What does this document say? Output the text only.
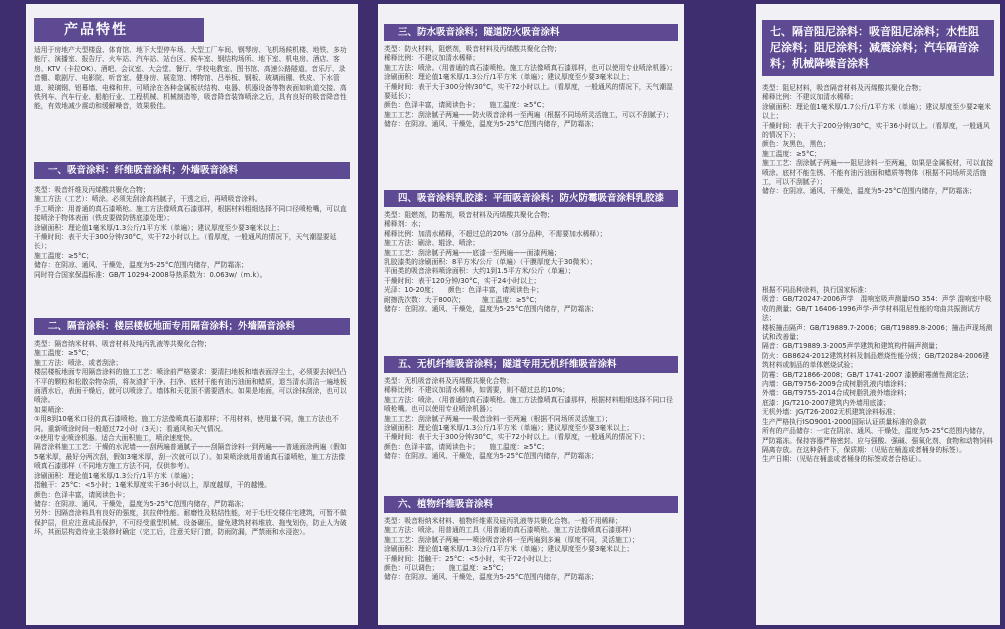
产品特性
适用于房地产大型楼盘、体育馆、地下大型停车场、大型工厂车间、钢琴房、飞机场候机楼、地铁、多功能厅、演播室、报告厅、火车站、汽车站、站台区、候车室、钢结构场所、地下室、机电房、酒店、客房、KTV（卡拉OK）、酒吧、会议室、大会堂、餐厅、学校电教室、图书馆、高速公路隧道、音乐厅、录音棚、歌剧厅、电影院、听音室、健身房、展览馆、博物馆、吕举板、钢板、玻璃雨棚、铁皮、下水管道、玻璃钢、铝幕墙、电梯和井、可喷涂在各种金属板状结构、电器、机器设备等物表面如轨道交接、高铁列车、汽车行业、船舶行业、工程机械、机械制造等，吸音降音装饰喷涂之后，具有良好的吸音降音性能，有效地减少震动和缓解噪音，效果极佳。
一、吸音涂料：纤维吸音涂料；外墙吸音涂料
类型：吸音纤维及丙烯酸共聚化合物；
施工方法（工艺）：喷涂。必须先刮涂高档腻子，干透之后，再喷吸音涂料。
手工喷涂：用普通的真石漆喷枪。施工方法像喷真石漆那样，根据材料粗细选择不同口径喷枪嘴，可以直接喷涂于物体表面（铁皮要做防锈底漆处理）；
涂刷面积：理论值1毫米厚/1.3公斤/1平方米（单遍）；建议厚度至少要3毫米以上；
干燥时间：表干大于300分钟/30°C，实干72小时以上。（看厚度，一般通风的情况下，天气潮湿要延长）；
施工温度：≥5°C；
储存：在阴凉、通风、干燥处，温度为5-25°C范围内储存，严防霜冻；
同时符合国家保温标准：GB/T 10294-2008导热系数为：0.063w/（m.k）。
二、隔音涂料：楼层楼板地面专用隔音涂料；外墙隔音涂料
类型：隔音纳米材料、吸音材料及纯丙乳液等共聚化合物；
施工温度：≥5°C；
施工方法：喷涂、或者刮涂；
楼层楼板地面专用隔音涂料的施工工艺：喷涂前严格要求：要清扫地板和墙表面浮尘土，必须要去掉凹凸不平的颗粒和松散杂物杂质，将灰渣扩干净、扫净、底材干能有油污油面和蜡质，退当清水清洁一遍地板面洒水后，表面干燥后，就可以喷涂了。墙体和天花顶不需要洒水。如果是地面，可以涂抹刮涂，也可以喷涂。
如果喷涂：
①用8到10毫米口径的真石漆喷枪。施工方法像喷真石漆那样；不用材料，使用量不同，施工方法也不同。重新喷涂时间一般超过72小时（3天）；看通风和天气情况。
②使用专业喷涂机器。适合大面积施工，喷涂速度快。
隔音涂料施工工艺：干燥的水泥墙——刮两遍普通腻子——刮隔音涂料一到两遍——普通面涂两遍（假如5毫米厚，最好分两次刮，假如3毫米厚，刮一次就可以了）。如果喷涂就用普通真石漆喷枪，施工方法像喷真石漆那样（不同地方施工方法不同，仅供参考）。
涂刷面积：理论值1毫米厚/1.3公斤/1平方米（单遍）；
指触干：25°C：<5小时；1毫米厚度实干36小时以上，厚度越厚，干的越慢。
颜色：色泽丰富，请阅读色卡；
储存：在阴凉、通风、干燥处，温度为5-25°C范围内储存，严防霜冻；
另外：因隔音涂料具有良好的强度，抗拉伸性能、耐磨性及粘结性能，对于毛坯交楼住宅建筑，可暂不做保护层，但应注意成品保护，不可经受重型机械、设备碾压，避免建筑材料堆放、拖曳划伤，防止人为破坏，其面层构造待业主装修时确定（完工后，注意关好门窗，防雨防漏，严禁雨和水浸泡）。
三、防水吸音涂料；隧道防火吸音涂料
类型：防火材料，阻燃剂，吸音材料及丙烯酸共聚化合物；
稀释比例：不建议加清水稀释；
施工方法：喷涂。（用普通的真石漆喷枪。施工方法像喷真石漆那样，也可以使用专业喷涂机器）；
涂刷面积：理论值1毫米厚/1.3公斤/1平方米（单遍）；建议厚度至少要3毫米以上；
干燥时间：表干大于300分钟/30°C，实干72小时以上。（看厚度，一般通风的情况下，天气潮湿要延长）；
颜色：色泽丰富，请阅读色卡；　　施工温度：≥5°C；
施工工艺：刮涂腻子两遍——防火吸音涂料一至两遍（根据不同场所灵活施工，可以不刮腻子）；
储存：在阴凉、通风、干燥处，温度为5-25°C范围内储存，严防霜冻；
四、吸音涂料乳胶漆：平面吸音涂料；防火防霉吸音涂料乳胶漆
类型：阻燃剂，防霉剂，吸音材料及丙烯酸共聚化合物；
稀释剂：水；
稀释比例：加清水稀释，不超过总的20%（部分品种，不需要加水稀释）；
施工方法：刷涂、辊涂、喷涂；
施工工艺：刮涂腻子两遍——底漆一至两遍——面漆两遍；
乳胶漆类的涂刷面积：8平方米/公斤（单遍）（干膜厚度大于30微米）；
平面类的吸音涂料喷涂面积：大约1到1.5平方米/公斤（单遍）；
干燥时间：表干120分钟/30°C，实干24小时以上；
光泽：10-20度；　　颜色：色泽丰富，请阅读色卡；
耐擦洗次数：大于800次；　　　施工温度：≥5°C；
储存：在阴凉、通风、干燥处，温度为5-25°C范围内储存，严防霜冻；
五、无机纤维吸音涂料；隧道专用无机纤维吸音涂料
类型：无机吸音涂料及丙烯酸共聚化合物；
稀释比例：不建议加清水稀释，如需要，则不超过总的10%；
施工方法：喷涂。（用普通的真石漆喷枪。施工方法像喷真石漆那样，根据材料粗细选择不同口径喷枪嘴。也可以使用专业喷涂机器）；
施工工艺：刮涂腻子两遍——吸音涂料一至两遍（根据不同场所灵活施工）；
涂刷面积：理论值1毫米厚/1.3公斤/1平方米（单遍）；建议厚度至少要3毫米以上；
干燥时间：表干大于300分钟/30°C，实干72小时以上。（看厚度，一般通风的情况下）；
颜色：色泽丰富，请阅读色卡；　　施工温度：≥5°C；
储存：在阴凉、通风、干燥处，温度为5-25°C范围内储存，严防霜冻；
六、植物纤维吸音涂料
类型：吸音粉纳米材料、植物纤维素及硅丙乳液等共聚化合物。一般不用稀释；
施工方法：喷涂。用普通的工具（用普通的真石漆喷枪。施工方法像喷真石漆那样）
施工工艺：刮涂腻子两遍——喷涂吸音涂料一至两遍到多遍（厚度不同，灵活施工）；
涂刷面积：理论值1毫米厚/1.3公斤/1平方米（单遍）；建议厚度至少要3毫米以上；
干燥时间：指触干：25°C：<5小时，实干72小时以上；
颜色：可以调色；　　施工温度：≥5°C；
储存：在阴凉、通风、干燥处，温度为5-25°C范围内储存，严防霜冻；
七、隔音阻尼涂料：吸音阻尼涂料；水性阻尼涂料；阻尼涂料；减震涂料；汽车隔音涂料；机械降噪音涂料
类型：阻尼材料，吸音隔音材料及丙烯酸共聚化合物；
稀释比例：不建议加清水稀释；
涂刷面积：理论值1毫米厚/1.7公斤/1平方米（单遍）；建议厚度至少要2毫米以上；
干燥时间：表干大于200分钟/30°C，实干36小时以上。（看厚度，一般通风的情况下）；
颜色：灰黑色，黑色；
施工温度：≥5°C；
施工工艺：刮涂腻子两遍——阻尼涂料一至两遍，如果是金属板材，可以直接喷涂。底材不能生锈、不能有油污油面和蜡质等物体（根据不同场所灵活施工，可以不刮腻子）；
储存：在阴凉、通风、干燥处，温度为5-25°C范围内储存，严防霜冻；
根据不同品种涂料，执行国家标准：
吸音：GB/T20247-2006声学　混响室吸声测量ISO 354：声学 混响室中吸收的测量；GB/T 16406-1996声学-声学材料阻尼性能的弯曲共振测试方法；
楼板撞击隔声：GB/T19889.7-2006；GB/T19889.8-2006；撞击声现场测试和改善量；
隔音：GB/T19889.3-2005声学建筑和建筑构件隔声测量；
防火：GB8624-2012建筑材料及制品燃烧性能分级；GB/T20284-2006建筑材料或制品的单体燃烧试验；
防霉：GB/T21866-2008；GB/T 1741-2007 漆膜耐霉菌性测定法；
内墙：GB/T9756-2009合成树脂乳液内墙涂料；
外墙：GB/T9755-2014合成树脂乳液外墙涂料；
底漆：JG/T210-2007建筑内外墙用底漆；
无机外墙：JG/T26-2002无机建筑涂料标准；
生产严格执行ISO9001-2000国际认证质量标准的条款
所有的产品储存：一定在阴凉、通风、干燥处，温度为5-25°C范围内储存，严防霜冻。保持容器严格密封。应与强酸、强碱、强氧化剂、食物和动物饲料隔离存放。在这种条件下，保质期：（见贴在桶盖或者桶身的标签）。
生产日期：（见贴在桶盖或者桶身的标签或者合格证）。
